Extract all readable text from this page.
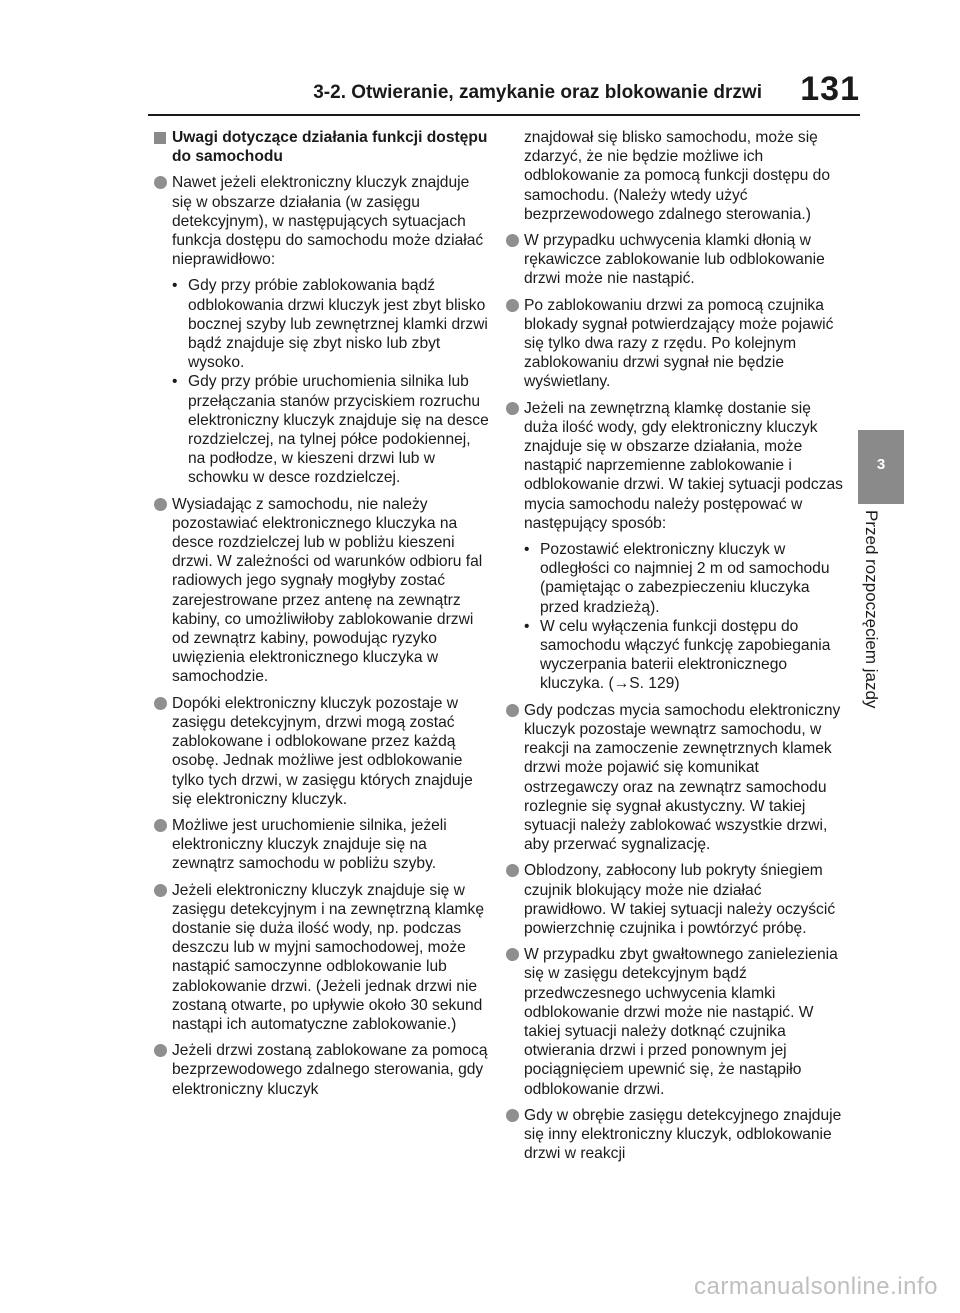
3-2. Otwieranie, zamykanie oraz blokowanie drzwi 131
3
Przed rozpoczęciem jazdy
Uwagi dotyczące działania funkcji dostępu do samochodu
Nawet jeżeli elektroniczny kluczyk znajduje się w obszarze działania (w zasięgu detekcyjnym), w następujących sytuacjach funkcja dostępu do samochodu może działać nieprawidłowo:
• Gdy przy próbie zablokowania bądź odblokowania drzwi kluczyk jest zbyt blisko bocznej szyby lub zewnętrznej klamki drzwi bądź znajduje się zbyt nisko lub zbyt wysoko.
• Gdy przy próbie uruchomienia silnika lub przełączania stanów przyciskiem rozruchu elektroniczny kluczyk znajduje się na desce rozdzielczej, na tylnej półce podokiennej, na podłodze, w kieszeni drzwi lub w schowku w desce rozdzielczej.
Wysiadając z samochodu, nie należy pozostawiać elektronicznego kluczyka na desce rozdzielczej lub w pobliżu kieszeni drzwi. W zależności od warunków odbioru fal radiowych jego sygnały mogłyby zostać zarejestrowane przez antenę na zewnątrz kabiny, co umożliwiłoby zablokowanie drzwi od zewnątrz kabiny, powodując ryzyko uwięzienia elektronicznego kluczyka w samochodzie.
Dopóki elektroniczny kluczyk pozostaje w zasięgu detekcyjnym, drzwi mogą zostać zablokowane i odblokowane przez każdą osobę. Jednak możliwe jest odblokowanie tylko tych drzwi, w zasięgu których znajduje się elektroniczny kluczyk.
Możliwe jest uruchomienie silnika, jeżeli elektroniczny kluczyk znajduje się na zewnątrz samochodu w pobliżu szyby.
Jeżeli elektroniczny kluczyk znajduje się w zasięgu detekcyjnym i na zewnętrzną klamkę dostanie się duża ilość wody, np. podczas deszczu lub w myjni samochodowej, może nastąpić samoczynne odblokowanie lub zablokowanie drzwi. (Jeżeli jednak drzwi nie zostaną otwarte, po upływie około 30 sekund nastąpi ich automatyczne zablokowanie.)
Jeżeli drzwi zostaną zablokowane za pomocą bezprzewodowego zdalnego sterowania, gdy elektroniczny kluczyk
znajdował się blisko samochodu, może się zdarzyć, że nie będzie możliwe ich odblokowanie za pomocą funkcji dostępu do samochodu. (Należy wtedy użyć bezprzewodowego zdalnego sterowania.)
W przypadku uchwycenia klamki dłonią w rękawiczce zablokowanie lub odblokowanie drzwi może nie nastąpić.
Po zablokowaniu drzwi za pomocą czujnika blokady sygnał potwierdzający może pojawić się tylko dwa razy z rzędu. Po kolejnym zablokowaniu drzwi sygnał nie będzie wyświetlany.
Jeżeli na zewnętrzną klamkę dostanie się duża ilość wody, gdy elektroniczny kluczyk znajduje się w obszarze działania, może nastąpić naprzemienne zablokowanie i odblokowanie drzwi. W takiej sytuacji podczas mycia samochodu należy postępować w następujący sposób:
• Pozostawić elektroniczny kluczyk w odległości co najmniej 2 m od samochodu (pamiętając o zabezpieczeniu kluczyka przed kradzieżą).
• W celu wyłączenia funkcji dostępu do samochodu włączyć funkcję zapobiegania wyczerpania baterii elektronicznego kluczyka. (→S. 129)
Gdy podczas mycia samochodu elektroniczny kluczyk pozostaje wewnątrz samochodu, w reakcji na zamoczenie zewnętrznych klamek drzwi może pojawić się komunikat ostrzegawczy oraz na zewnątrz samochodu rozlegnie się sygnał akustyczny. W takiej sytuacji należy zablokować wszystkie drzwi, aby przerwać sygnalizację.
Oblodzony, zabłocony lub pokryty śniegiem czujnik blokujący może nie działać prawidłowo. W takiej sytuacji należy oczyścić powierzchnię czujnika i powtórzyć próbę.
W przypadku zbyt gwałtownego zanielezienia się w zasięgu detekcyjnym bądź przedwczesnego uchwycenia klamki odblokowanie drzwi może nie nastąpić. W takiej sytuacji należy dotknąć czujnika otwierania drzwi i przed ponownym jej pociągnięciem upewnić się, że nastąpiło odblokowanie drzwi.
Gdy w obrębie zasięgu detekcyjnego znajduje się inny elektroniczny kluczyk, odblokowanie drzwi w reakcji
carmanualsonline.info
